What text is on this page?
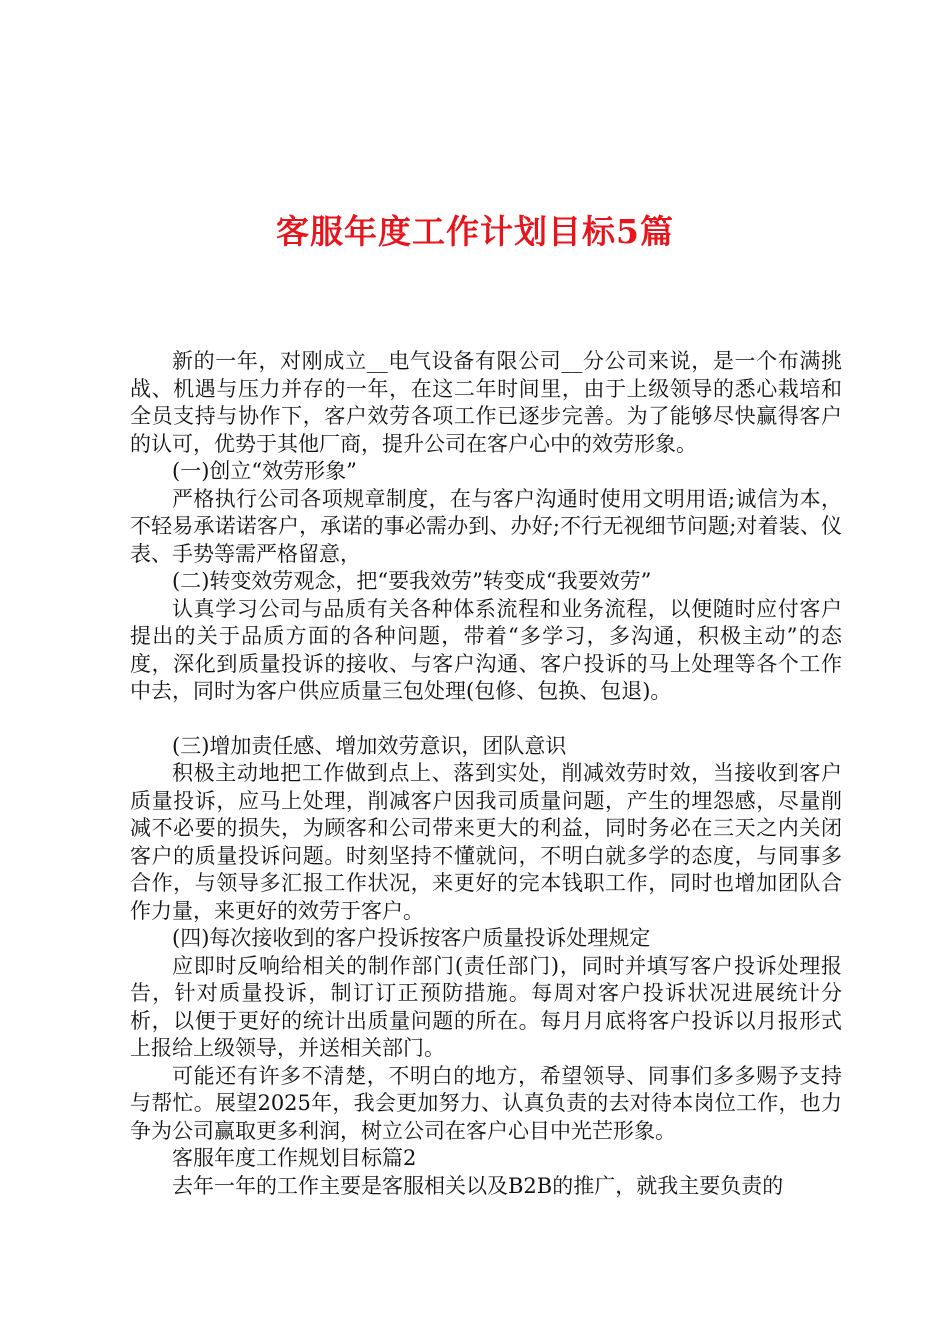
客服年度工作计划目标5篇

新的一年，对刚成立__电气设备有限公司__分公司来说，是一个布满挑战、机遇与压力并存的一年，在这二年时间里，由于上级领导的悉心栽培和全员支持与协作下，客户效劳各项工作已逐步完善。为了能够尽快赢得客户的认可，优势于其他厂商，提升公司在客户心中的效劳形象。

(一)创立“效劳形象”

严格执行公司各项规章制度，在与客户沟通时使用文明用语;诚信为本，不轻易承诺诺客户，承诺的事必需办到、办好;不行无视细节问题;对着装、仪表、手势等需严格留意，

(二)转变效劳观念，把“要我效劳”转变成“我要效劳”

认真学习公司与品质有关各种体系流程和业务流程，以便随时应付客户提出的关于品质方面的各种问题，带着“多学习，多沟通，积极主动”的态度，深化到质量投诉的接收、与客户沟通、客户投诉的马上处理等各个工作中去，同时为客户供应质量三包处理(包修、包换、包退)。

(三)增加责任感、增加效劳意识，团队意识

积极主动地把工作做到点上、落到实处，削减效劳时效，当接收到客户质量投诉，应马上处理，削减客户因我司质量问题，产生的埋怨感，尽量削减不必要的损失，为顾客和公司带来更大的利益，同时务必在三天之内关闭客户的质量投诉问题。时刻坚持不懂就问，不明白就多学的态度，与同事多合作，与领导多汇报工作状况，来更好的完本钱职工作，同时也增加团队合作力量，来更好的效劳于客户。

(四)每次接收到的客户投诉按客户质量投诉处理规定

应即时反响给相关的制作部门(责任部门)，同时并填写客户投诉处理报告，针对质量投诉，制订订正预防措施。每周对客户投诉状况进展统计分析，以便于更好的统计出质量问题的所在。每月月底将客户投诉以月报形式上报给上级领导，并送相关部门。

可能还有许多不清楚，不明白的地方，希望领导、同事们多多赐予支持与帮忙。展望2025年，我会更加努力、认真负责的去对待本岗位工作，也力争为公司赢取更多利润，树立公司在客户心目中光芒形象。

客服年度工作规划目标篇2

去年一年的工作主要是客服相关以及B2B的推广，就我主要负责的
